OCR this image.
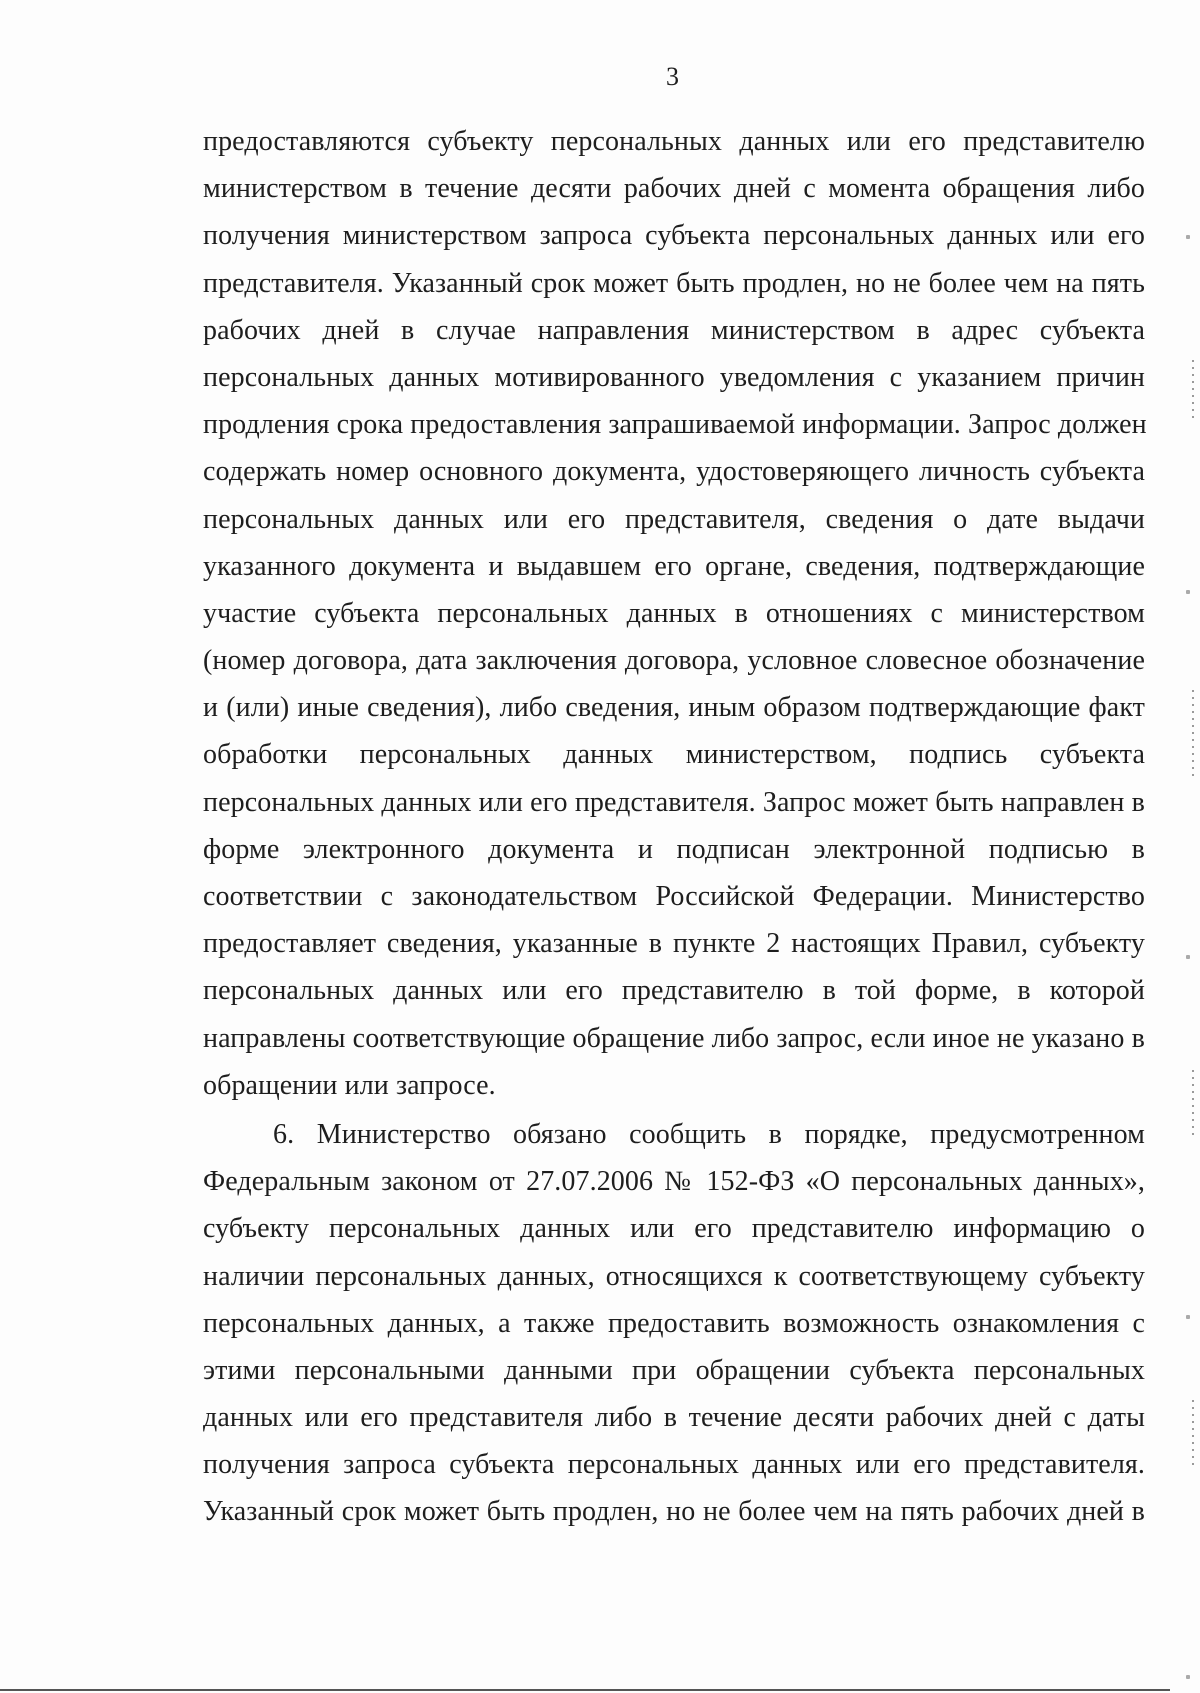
3
предоставляются субъекту персональных данных или его представителю
министерством в течение десяти рабочих дней с момента обращения либо
получения министерством запроса субъекта персональных данных или его
представителя. Указанный срок может быть продлен, но не более чем на пять
рабочих дней в случае направления министерством в адрес субъекта
персональных данных мотивированного уведомления с указанием причин
продления срока предоставления запрашиваемой информации. Запрос должен
содержать номер основного документа, удостоверяющего личность субъекта
персональных данных или его представителя, сведения о дате выдачи
указанного документа и выдавшем его органе, сведения, подтверждающие
участие субъекта персональных данных в отношениях с министерством
(номер договора, дата заключения договора, условное словесное обозначение
и (или) иные сведения), либо сведения, иным образом подтверждающие факт
обработки персональных данных министерством, подпись субъекта
персональных данных или его представителя. Запрос может быть направлен в
форме электронного документа и подписан электронной подписью в
соответствии с законодательством Российской Федерации. Министерство
предоставляет сведения, указанные в пункте 2 настоящих Правил, субъекту
персональных данных или его представителю в той форме, в которой
направлены соответствующие обращение либо запрос, если иное не указано в
обращении или запросе.
6. Министерство обязано сообщить в порядке, предусмотренном
Федеральным законом от 27.07.2006 № 152-ФЗ «О персональных данных»,
субъекту персональных данных или его представителю информацию о
наличии персональных данных, относящихся к соответствующему субъекту
персональных данных, а также предоставить возможность ознакомления с
этими персональными данными при обращении субъекта персональных
данных или его представителя либо в течение десяти рабочих дней с даты
получения запроса субъекта персональных данных или его представителя.
Указанный срок может быть продлен, но не более чем на пять рабочих дней в
